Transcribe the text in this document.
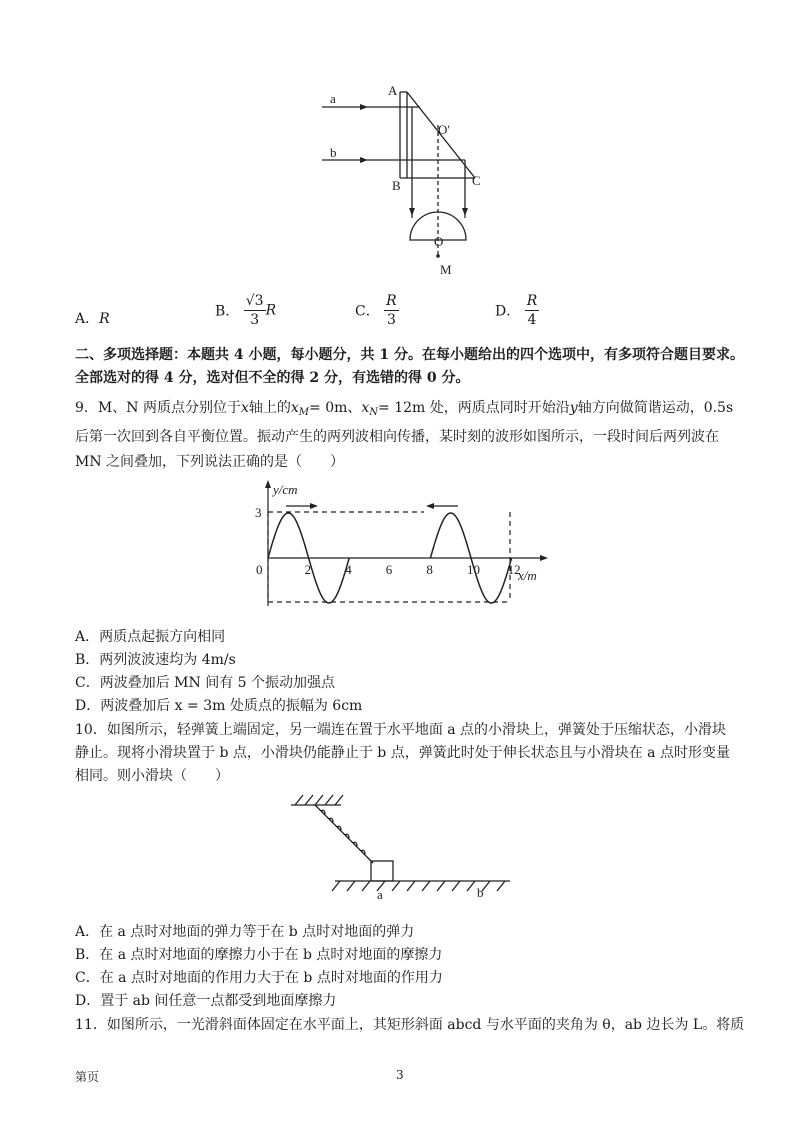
a
b
A
B	C
O′
O
M
A．R	B． $\frac{√3}{3}$ R	C． $\frac{R}{3}$	D． $\frac{R}{4}$
二、多项选择题：本题共 4 小题，每小题分，共 1 分。在每小题给出的四个选项中，有多项符合题目要求。
全部选对的得 4 分，选对但不全的得 2 分，有选错的得 0 分。
9．M、N 两质点分别位于x轴上的$x_M= 0m$、$x_N= 12m$ 处，两质点同时开始沿y轴方向做简谐运动，0.5s
后第一次回到各自平衡位置。振动产生的两列波相向传播，某时刻的波形如图所示，一段时间后两列波在
MN 之间叠加，下列说法正确的是（　　）
2	4	6	8	10 12
y/cm
x/m
3
0
A．两质点起振方向相同
B．两列波波速均为 4m/s
C．两波叠加后 MN 间有 5 个振动加强点
D．两波叠加后 x = 3m 处质点的振幅为 6cm
10．如图所示，轻弹簧上端固定，另一端连在置于水平地面 a 点的小滑块上，弹簧处于压缩状态，小滑块
静止。现将小滑块置于 b 点，小滑块仍能静止于 b 点，弹簧此时处于伸长状态且与小滑块在 a 点时形变量
相同。则小滑块（　　）
a	b
A．在 a 点时对地面的弹力等于在 b 点时对地面的弹力
B．在 a 点时对地面的摩擦力小于在 b 点时对地面的摩擦力
C．在 a 点时对地面的作用力大于在 b 点时对地面的作用力
D．置于 ab 间任意一点都受到地面摩擦力
11．如图所示，一光滑斜面体固定在水平面上，其矩形斜面 abcd 与水平面的夹角为 θ，ab 边长为 L。将质
第页	3
